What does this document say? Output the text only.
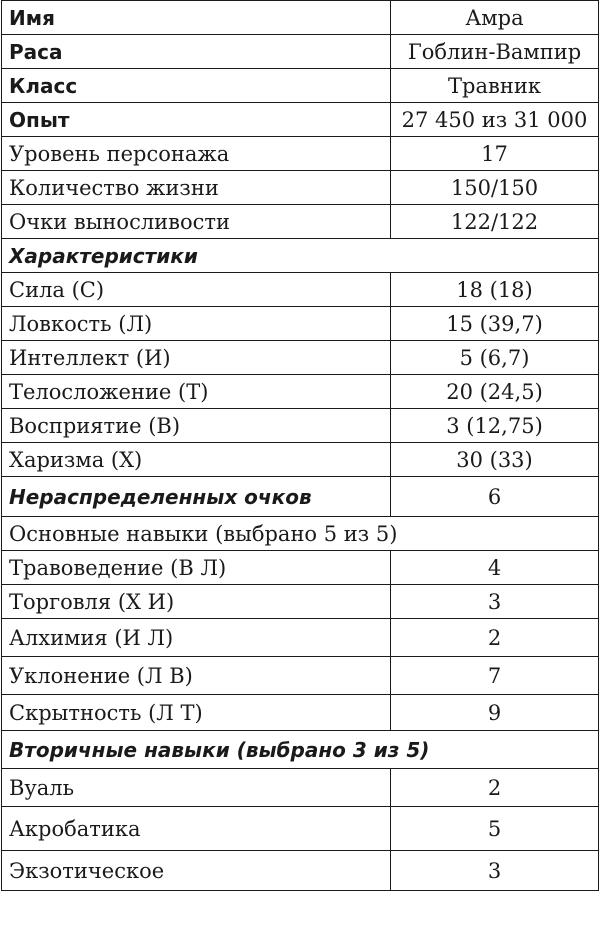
Имя	Амра
Раса	Гоблин-Вампир
Класс	Травник
Опыт	27 450 из 31 000
Уровень персонажа	17
Количество жизни	150/150
Очки выносливости	122/122
Характеристики	
Сила (С)	18 (18)
Ловкость (Л)	15 (39,7)
Интеллект (И)	5 (6,7)
Телосложение (Т)	20 (24,5)
Восприятие (В)	3 (12,75)
Харизма (Х)	30 (33)
Нераспределенных очков	6
Основные навыки (выбрано 5 из 5)	
Травоведение (В Л)	4
Торговля (Х И)	3
Алхимия (И Л)	2
Уклонение (Л В)	7
Скрытность (Л Т)	9
Вторичные навыки (выбрано 3 из 5)	
Вуаль	2
Акробатика	5
Экзотическое	3
